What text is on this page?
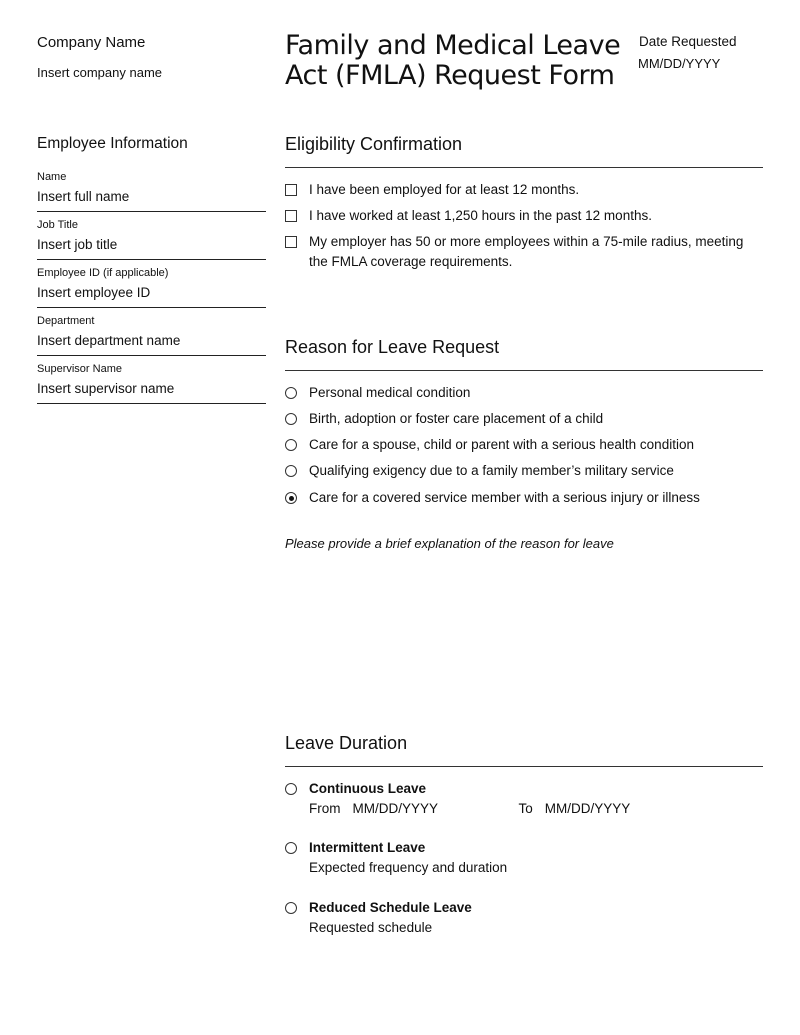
Company Name
Insert company name
Family and Medical Leave
Act (FMLA) Request Form
Date Requested
MM/DD/YYYY
Employee Information
Name
Insert full name
Job Title
Insert job title
Employee ID (if applicable)
Insert employee ID
Department
Insert department name
Supervisor Name
Insert supervisor name
Eligibility Confirmation
I have been employed for at least 12 months.
I have worked at least 1,250 hours in the past 12 months.
My employer has 50 or more employees within a 75-mile radius, meeting the FMLA coverage requirements.
Reason for Leave Request
Personal medical condition
Birth, adoption or foster care placement of a child
Care for a spouse, child or parent with a serious health condition
Qualifying exigency due to a family member’s military service
Care for a covered service member with a serious injury or illness
Please provide a brief explanation of the reason for leave
Leave Duration
Continuous Leave
From MM/DD/YYYY	To MM/DD/YYYY
Intermittent Leave
Expected frequency and duration
Reduced Schedule Leave
Requested schedule
